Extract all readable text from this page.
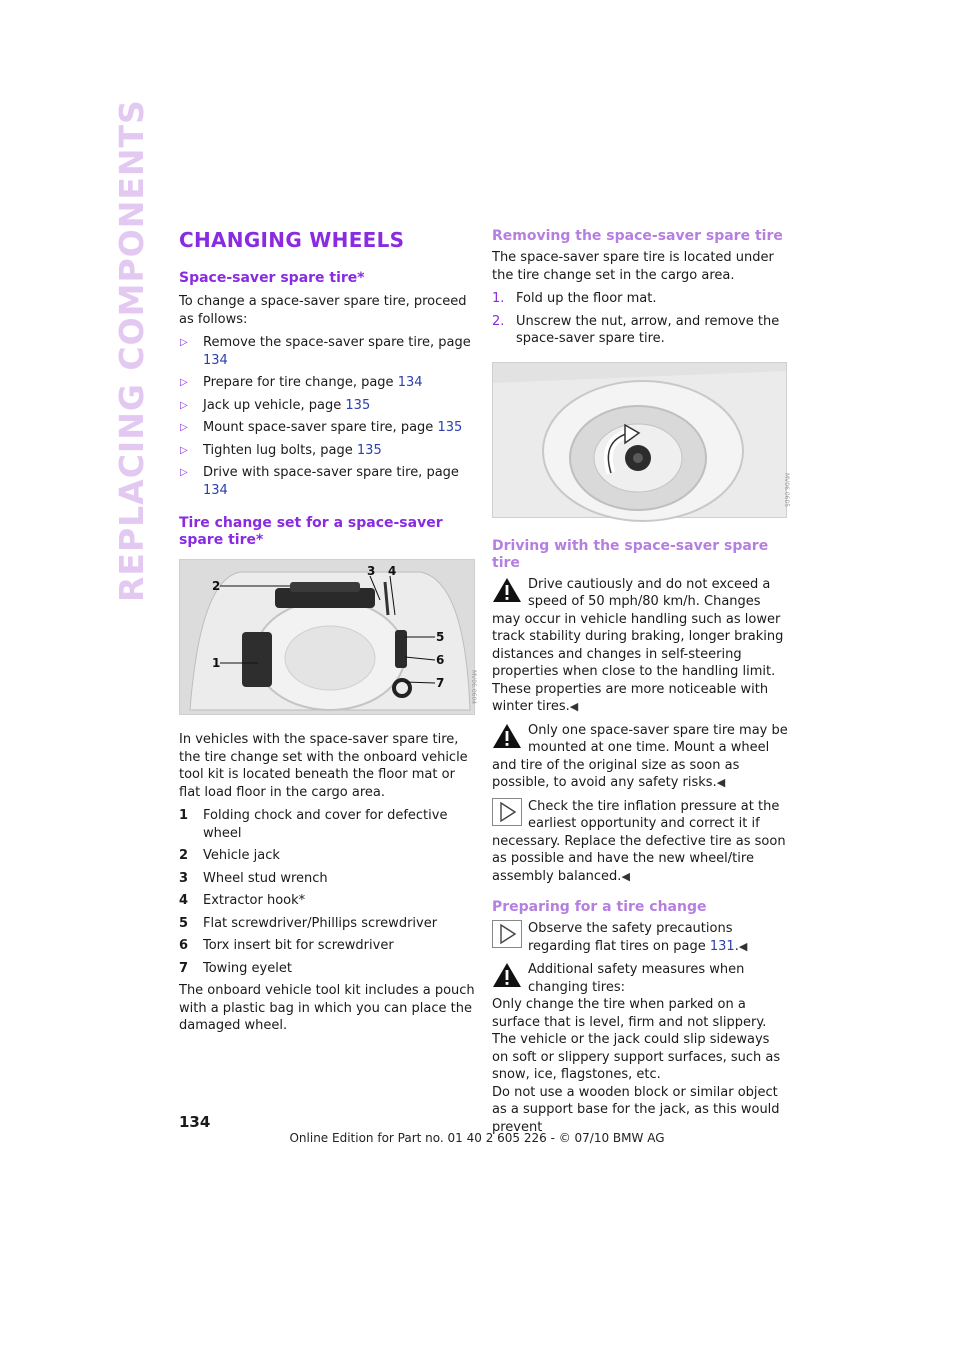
REPLACING COMPONENTS CHANGING WHEELS
Space-saver spare tire*

To change a space-saver spare tire, proceed as follows:

▷ Remove the space-saver spare tire, page 134
▷ Prepare for tire change, page 134
▷ Jack up vehicle, page 135
▷ Mount space-saver spare tire, page 135
▷ Tighten lug bolts, page 135
▷ Drive with space-saver spare tire, page 134
Tire change set for a space-saver spare tire*
2
3 4
1
5
6
7	MV06.0604

In vehicles with the space-saver spare tire, the tire change set with the onboard vehicle tool kit is located beneath the floor mat or flat load floor in the cargo area.

1 Folding chock and cover for defective wheel
2 Vehicle jack
3 Wheel stud wrench
4 Extractor hook*
5 Flat screwdriver/Phillips screwdriver
6 Torx insert bit for screwdriver
7 Towing eyelet

The onboard vehicle tool kit includes a pouch with a plastic bag in which you can place the damaged wheel.

Removing the space-saver spare tire

The space-saver spare tire is located under the tire change set in the cargo area.

1. Fold up the floor mat.
2. Unscrew the nut, arrow, and remove the space-saver spare tire.
MV06.0605
Driving with the space-saver spare tire
Drive cautiously and do not exceed a speed of 50 mph/80 km/h. Changes may occur in vehicle handling such as lower track stability during braking, longer braking distances and changes in self-steering properties when close to the handling limit. These properties are more noticeable with winter tires.◀
Only one space-saver spare tire may be mounted at one time. Mount a wheel and tire of the original size as soon as possible, to avoid any safety risks.◀
Check the tire inflation pressure at the earliest opportunity and correct it if necessary. Replace the defective tire as soon as possible and have the new wheel/tire assembly balanced.◀
Preparing for a tire change
Observe the safety precautions regarding flat tires on page 131.◀
Additional safety measures when changing tires:
Only change the tire when parked on a surface that is level, firm and not slippery.
The vehicle or the jack could slip sideways on soft or slippery support surfaces, such as snow, ice, flagstones, etc.
Do not use a wooden block or similar object as a support base for the jack, as this would prevent
134
Online Edition for Part no. 01 40 2 605 226 - © 07/10 BMW AG
